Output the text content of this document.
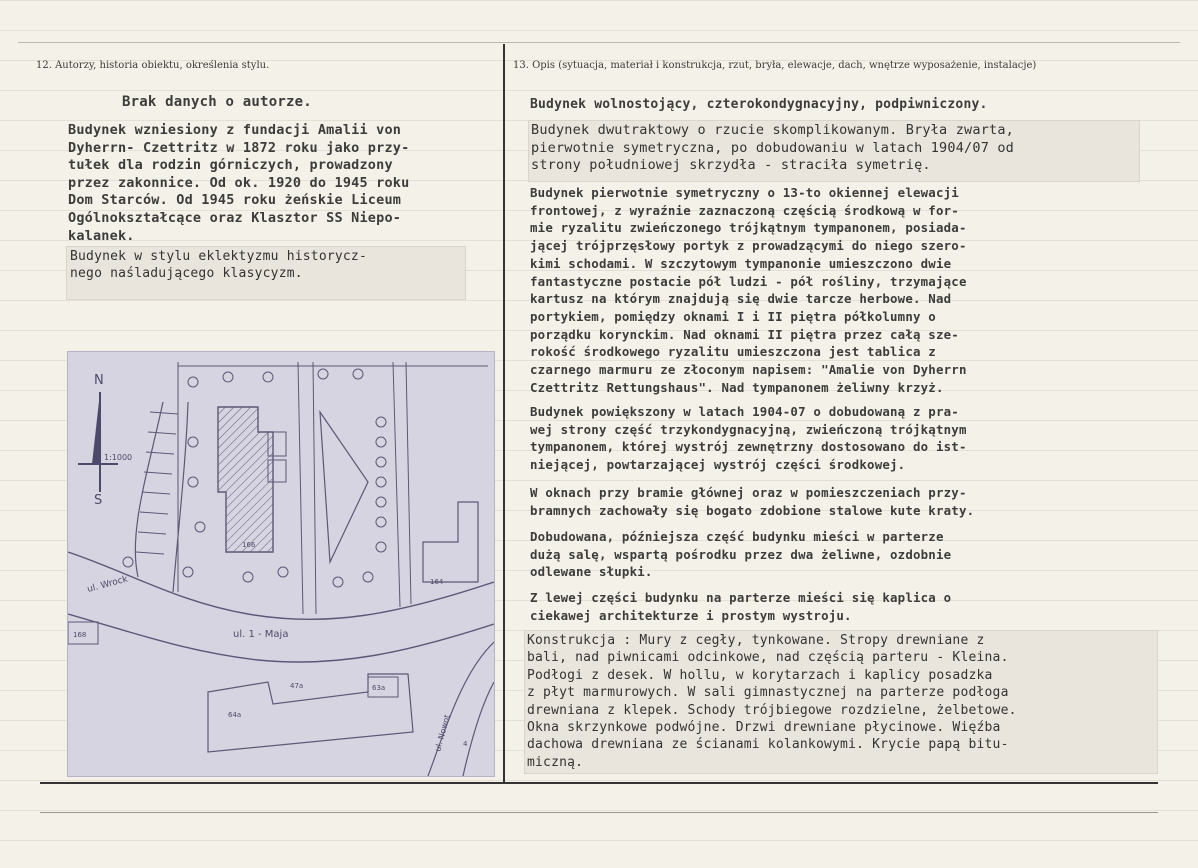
12. Autorzy, historia obiektu, określenia stylu.
Brak danych o autorze.
Budynek wzniesiony z fundacji Amalii von
Dyherrn- Czettritz w 1872 roku jako przy-
tułek dla rodzin górniczych, prowadzony
przez zakonnice. Od ok. 1920 do 1945 roku
Dom Starców. Od 1945 roku żeńskie Liceum
Ogólnokształcące oraz Klasztor SS Niepo-
kalanek.
Budynek w stylu eklektyzmu historycz-
nego naśladującego klasycyzm.
N
S
1:1000
ul. Wrock
ul. 1 - Maja
ul. Nowot
166
164
168
47a	63a
64a
4
13. Opis (sytuacja, materiał i konstrukcja, rzut, bryła, elewacje, dach, wnętrze wyposażenie, instalacje)
Budynek wolnostojący, czterokondygnacyjny, podpiwniczony.
Budynek dwutraktowy o rzucie skomplikowanym. Bryła zwarta,
pierwotnie symetryczna, po dobudowaniu w latach 1904/07 od
strony południowej skrzydła - straciła symetrię.
Budynek pierwotnie symetryczny o 13-to okiennej elewacji
frontowej, z wyraźnie zaznaczoną częścią środkową w for-
mie ryzalitu zwieńczonego trójkątnym tympanonem, posiada-
jącej trójprzęsłowy portyk z prowadzącymi do niego szero-
kimi schodami. W szczytowym tympanonie umieszczono dwie
fantastyczne postacie pół ludzi - pół rośliny, trzymające
kartusz na którym znajdują się dwie tarcze herbowe. Nad
portykiem, pomiędzy oknami I i II piętra półkolumny o
porządku korynckim. Nad oknami II piętra przez całą sze-
rokość środkowego ryzalitu umieszczona jest tablica z
czarnego marmuru ze złoconym napisem: "Amalie von Dyherrn
Czettritz Rettungshaus". Nad tympanonem żeliwny krzyż.
Budynek powiększony w latach 1904-07 o dobudowaną z pra-
wej strony część trzykondygnacyjną, zwieńczoną trójkątnym
tympanonem, której wystrój zewnętrzny dostosowano do ist-
niejącej, powtarzającej wystrój części środkowej.
W oknach przy bramie głównej oraz w pomieszczeniach przy-
bramnych zachowały się bogato zdobione stalowe kute kraty.
Dobudowana, późniejsza część budynku mieści w parterze
dużą salę, wspartą pośrodku przez dwa żeliwne, ozdobnie
odlewane słupki.
Z lewej części budynku na parterze mieści się kaplica o
ciekawej architekturze i prostym wystroju.
Konstrukcja : Mury z cegły, tynkowane. Stropy drewniane z
bali, nad piwnicami odcinkowe, nad częścią parteru - Kleina.
Podłogi z desek. W hollu, w korytarzach i kaplicy posadzka
z płyt marmurowych. W sali gimnastycznej na parterze podłoga
drewniana z klepek. Schody trójbiegowe rozdzielne, żelbetowe.
Okna skrzynkowe podwójne. Drzwi drewniane płycinowe. Więźba
dachowa drewniana ze ścianami kolankowymi. Krycie papą bitu-
miczną.
